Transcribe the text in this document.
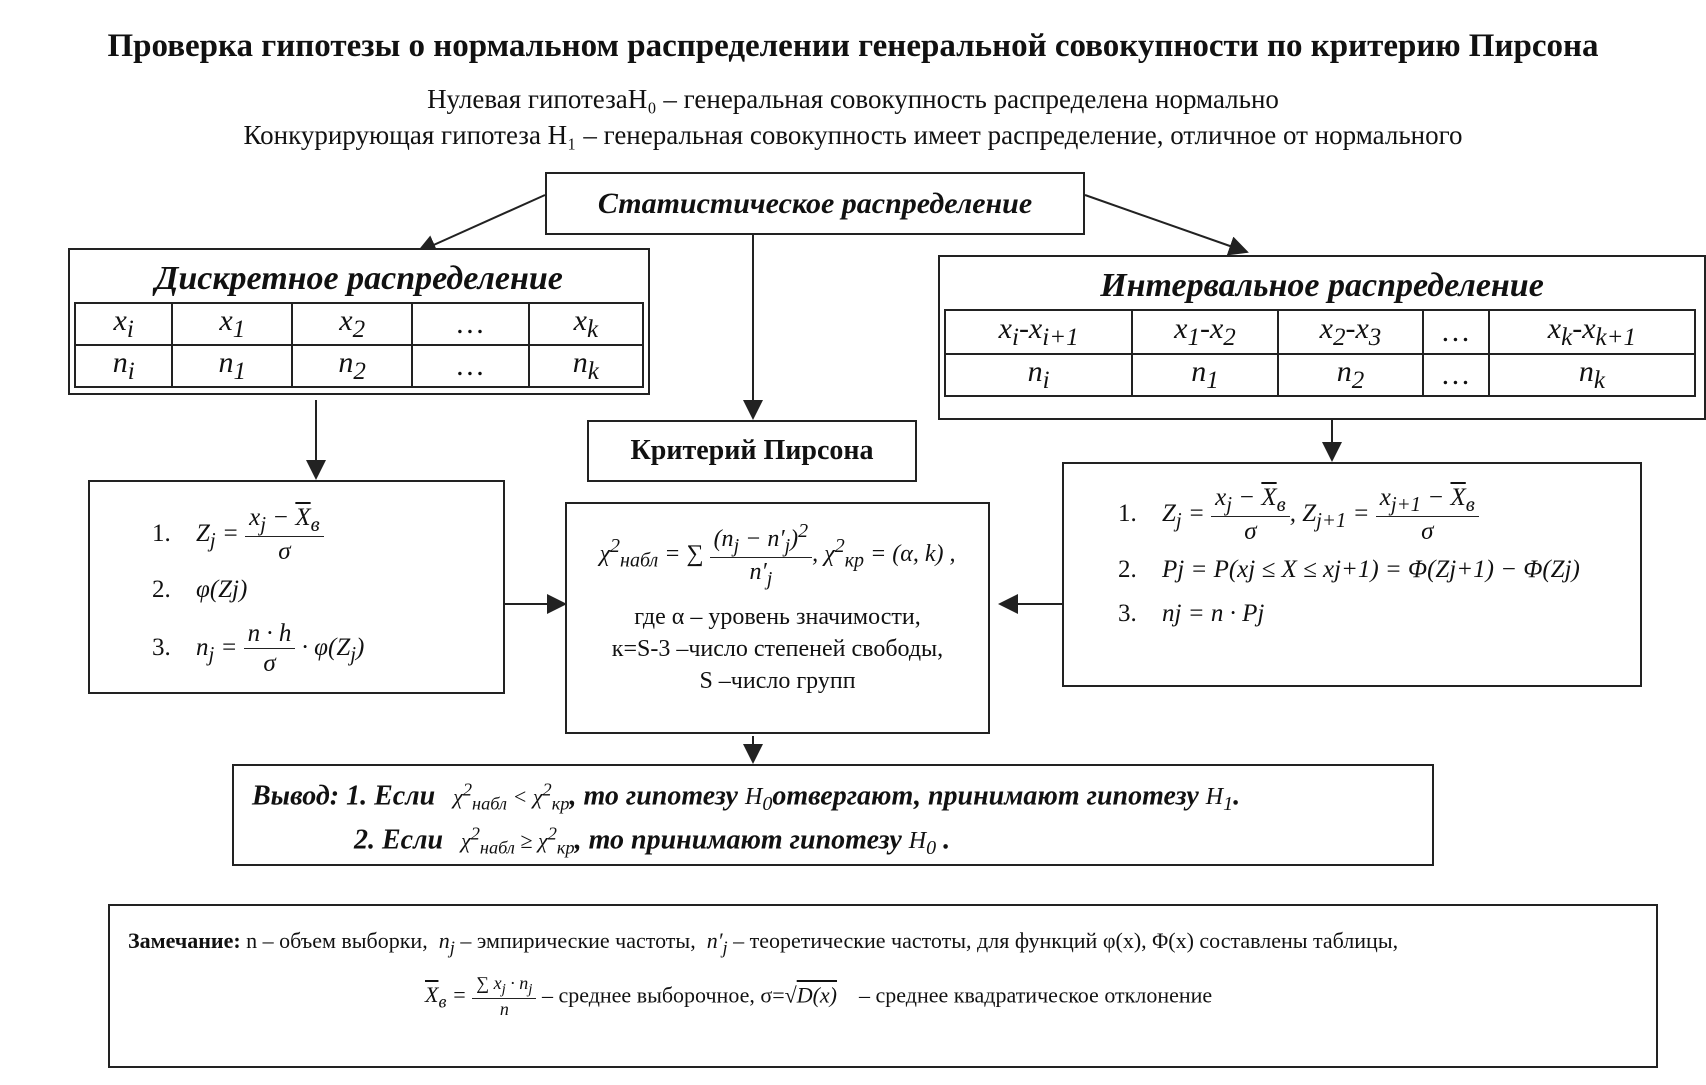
Проверка гипотезы о нормальном распределении генеральной совокупности по критерию Пирсона
Нулевая гипотезаH₀ – генеральная совокупность распределена нормально
Конкурирующая гипотеза H₁ – генеральная совокупность имеет распределение, отличное от нормального
Статистическое распределение
Дискретное распределение
$x_i$	$x_1$	$x_2$	…	$x_k$
$n_i$	$n_1$	$n_2$	…	$n_k$
Интервальное распределение
$x_i-x_{i+1}$	$x_1-x_2$	$x_2-x_3$	…	$x_k-x_{k+1}$
$n_i$	$n_1$	$n_2$	…	$n_k$
Критерий Пирсона
1. $Z_j = \frac{x_j - \overline{X}_в}{\sigma}$
2. φ(Zj)
3. $n_j = \frac{n \cdot h}{\sigma} \cdot \varphi(Z_j)$
$\chi^2_{набл}$ = ∑ $\frac{(n_j - n'_j)^2}{n'_j}$ , $\chi^2_{кр} = (\alpha$, k) ,
где α – уровень значимости,
к=S-3 –число степеней свободы,
S –число групп
1. $Z_j = \frac{x_j - \overline{X}_в}{\sigma}$ , $Z_{j+1} = \frac{x_{j+1} - \overline{X}_в}{\sigma}$
2. Pj = P(xj ≤ X ≤ xj+1) = Φ(Zj+1) − Φ(Zj)
3. nj = n · Pj
Вывод: 1. Если   $\chi^2_{набл} < \chi^2_{кр}$, то гипотезу $H_0отвергают$, принимают гипотезу $H_1$.
2. Если   $\chi^2_{набл} \ge \chi^2_{кр}$, то принимают гипотезу $H_0$ .
Замечание: n – объем выборки,  $n_j$ – эмпирические частоты,  $n'_j$ – теоретические частоты, для функций φ(x), Φ(x) составлены таблицы,
$\overline{X}_в = \frac{\sum x_j \cdot n_j}{n}$ – среднее выборочное, σ=√D(x) – среднее квадратическое отклонение
